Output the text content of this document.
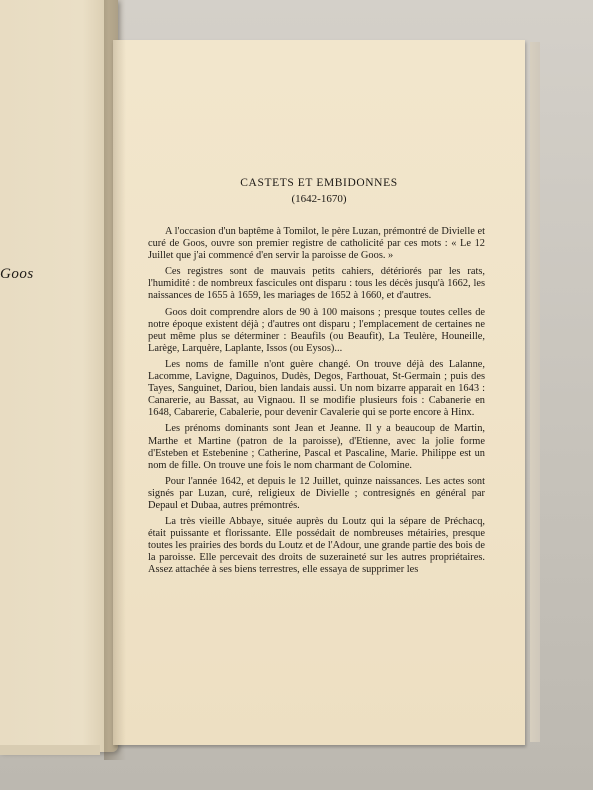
Goos
CASTETS ET EMBIDONNES
(1642-1670)

A l'occasion d'un baptême à Tomilot, le père Luzan, prémontré de Divielle et curé de Goos, ouvre son premier registre de catholicité par ces mots : « Le 12 Juillet que j'ai commencé d'en servir la paroisse de Goos. »

Ces registres sont de mauvais petits cahiers, détériorés par les rats, l'humidité : de nombreux fascicules ont disparu : tous les décès jusqu'à 1662, les naissances de 1655 à 1659, les mariages de 1652 à 1660, et d'autres.

Goos doit comprendre alors de 90 à 100 maisons ; presque toutes celles de notre époque existent déjà ; d'autres ont disparu ; l'emplacement de certaines ne peut même plus se déterminer : Beaufils (ou Beaufit), La Teulère, Houneille, Larège, Larquère, Laplante, Issos (ou Eysos)...

Les noms de famille n'ont guère changé. On trouve déjà des Lalanne, Lacomme, Lavigne, Daguinos, Dudès, Degos, Farthouat, St-Germain ; puis des Tayes, Sanguinet, Dariou, bien landais aussi. Un nom bizarre apparait en 1643 : Canarerie, au Bassat, au Vignaou. Il se modifie plusieurs fois : Cabanerie en 1648, Cabarerie, Cabalerie, pour devenir Cavalerie qui se porte encore à Hinx.

Les prénoms dominants sont Jean et Jeanne. Il y a beaucoup de Martin, Marthe et Martine (patron de la paroisse), d'Etienne, avec la jolie forme d'Esteben et Estebenine ; Catherine, Pascal et Pascaline, Marie. Philippe est un nom de fille. On trouve une fois le nom charmant de Colomine.

Pour l'année 1642, et depuis le 12 Juillet, quinze naissances. Les actes sont signés par Luzan, curé, religieux de Divielle ; contresignés en général par Depaul et Dubaa, autres prémontrés.

La très vieille Abbaye, située auprès du Loutz qui la sépare de Préchacq, était puissante et florissante. Elle possédait de nombreuses métairies, presque toutes les prairies des bords du Loutz et de l'Adour, une grande partie des bois de la paroisse. Elle percevait des droits de suzeraineté sur les autres propriétaires. Assez attachée à ses biens terrestres, elle essaya de supprimer les
